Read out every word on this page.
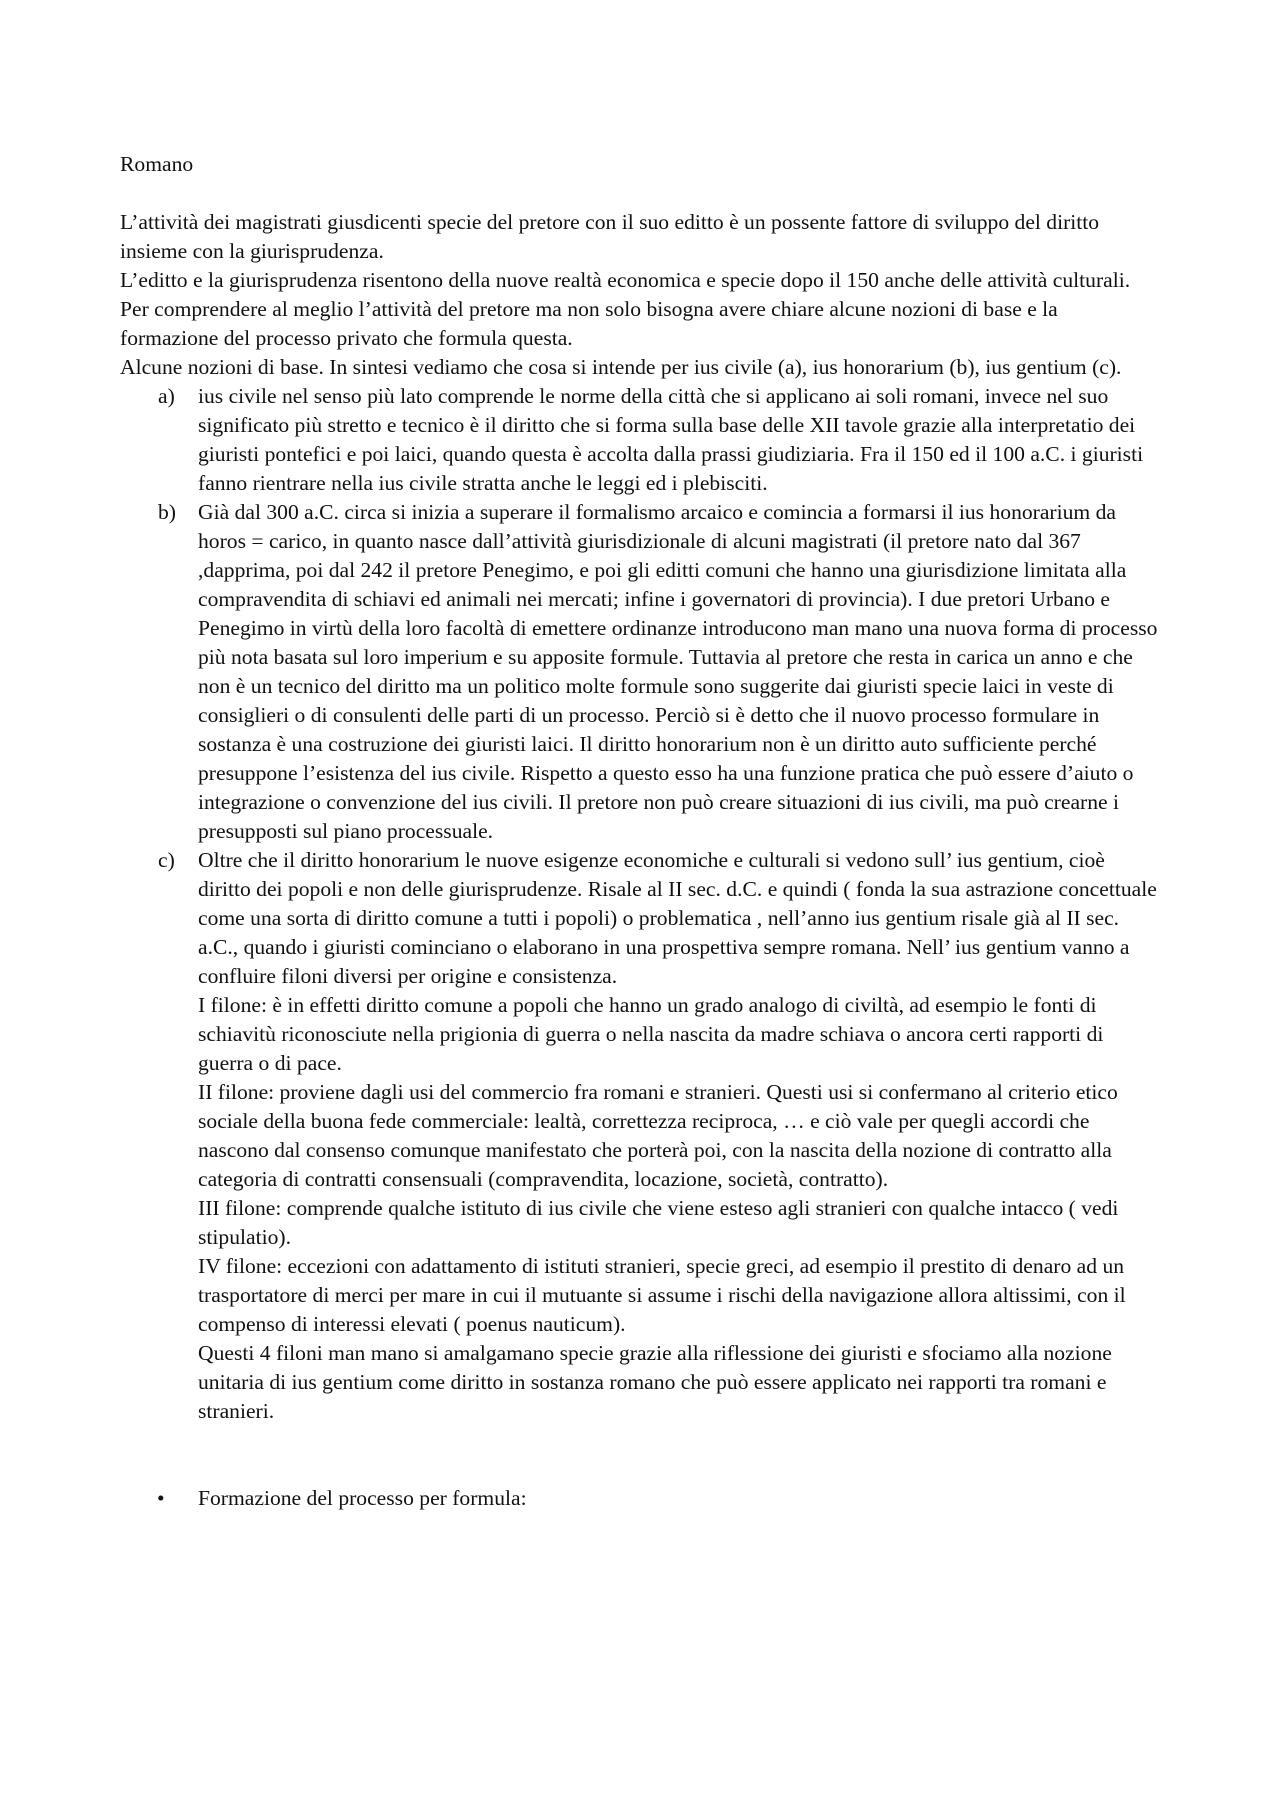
Romano

L’attività dei magistrati giusdicenti specie del pretore con il suo editto è un possente fattore di sviluppo del diritto insieme con la giurisprudenza.

L’editto e la giurisprudenza risentono della nuove realtà economica e specie dopo il 150 anche delle attività culturali. Per comprendere al meglio l’attività del pretore ma non solo bisogna avere chiare alcune nozioni di base e la formazione del processo privato che formula questa.

Alcune nozioni di base. In sintesi vediamo che cosa si intende per ius civile (a), ius honorarium (b), ius gentium (c).

a) ius civile nel senso più lato comprende le norme della città che si applicano ai soli romani, invece nel suo significato più stretto e tecnico è il diritto che si forma sulla base delle XII tavole grazie alla interpretatio dei giuristi pontefici e poi laici, quando questa è accolta dalla prassi giudiziaria. Fra il 150 ed il 100 a.C. i giuristi fanno rientrare nella ius civile stratta anche le leggi ed i plebisciti.

b) Già dal 300 a.C. circa si inizia a superare il formalismo arcaico e comincia a formarsi il ius honorarium da horos = carico, in quanto nasce dall’attività giurisdizionale di alcuni magistrati (il pretore nato dal 367 ,dapprima, poi dal 242 il pretore Penegimo, e poi gli editti comuni che hanno una giurisdizione limitata alla compravendita di schiavi ed animali nei mercati; infine i governatori di provincia). I due pretori Urbano e Penegimo in virtù della loro facoltà di emettere ordinanze introducono man mano una nuova forma di processo più nota basata sul loro imperium e su apposite formule. Tuttavia al pretore che resta in carica un anno e che non è un tecnico del diritto ma un politico molte formule sono suggerite dai giuristi specie laici in veste di consiglieri o di consulenti delle parti di un processo. Perciò si è detto che il nuovo processo formulare in sostanza è una costruzione dei giuristi laici. Il diritto honorarium non è un diritto auto sufficiente perché presuppone l’esistenza del ius civile. Rispetto a questo esso ha una funzione pratica che può essere d’aiuto o integrazione o convenzione del ius civili. Il pretore non può creare situazioni di ius civili, ma può crearne i presupposti sul piano processuale.

c) Oltre che il diritto honorarium le nuove esigenze economiche e culturali si vedono sull’ ius gentium, cioè diritto dei popoli e non delle giurisprudenze. Risale al II sec. d.C. e quindi ( fonda la sua astrazione concettuale come una sorta di diritto comune a tutti i popoli) o problematica , nell’anno ius gentium risale già al II sec. a.C., quando i giuristi cominciano o elaborano in una prospettiva sempre romana. Nell’ ius gentium vanno a confluire filoni diversi per origine e consistenza.

I filone: è in effetti diritto comune a popoli che hanno un grado analogo di civiltà, ad esempio le fonti di schiavitù riconosciute nella prigionia di guerra o nella nascita da madre schiava o ancora certi rapporti di guerra o di pace.

II filone: proviene dagli usi del commercio fra romani e stranieri. Questi usi si confermano al criterio etico sociale della buona fede commerciale: lealtà, correttezza reciproca, … e ciò vale per quegli accordi che nascono dal consenso comunque manifestato che porterà poi, con la nascita della nozione di contratto alla categoria di contratti consensuali (compravendita, locazione, società, contratto).

III filone: comprende qualche istituto di ius civile che viene esteso agli stranieri con qualche intacco ( vedi stipulatio).

IV filone: eccezioni con adattamento di istituti stranieri, specie greci, ad esempio il prestito di denaro ad un trasportatore di merci per mare in cui il mutuante si assume i rischi della navigazione allora altissimi, con il compenso di interessi elevati ( poenus nauticum).

Questi 4 filoni man mano si amalgamano specie grazie alla riflessione dei giuristi e sfociamo alla nozione unitaria di ius gentium come diritto in sostanza romano che può essere applicato nei rapporti tra romani e stranieri.

• Formazione del processo per formula:
